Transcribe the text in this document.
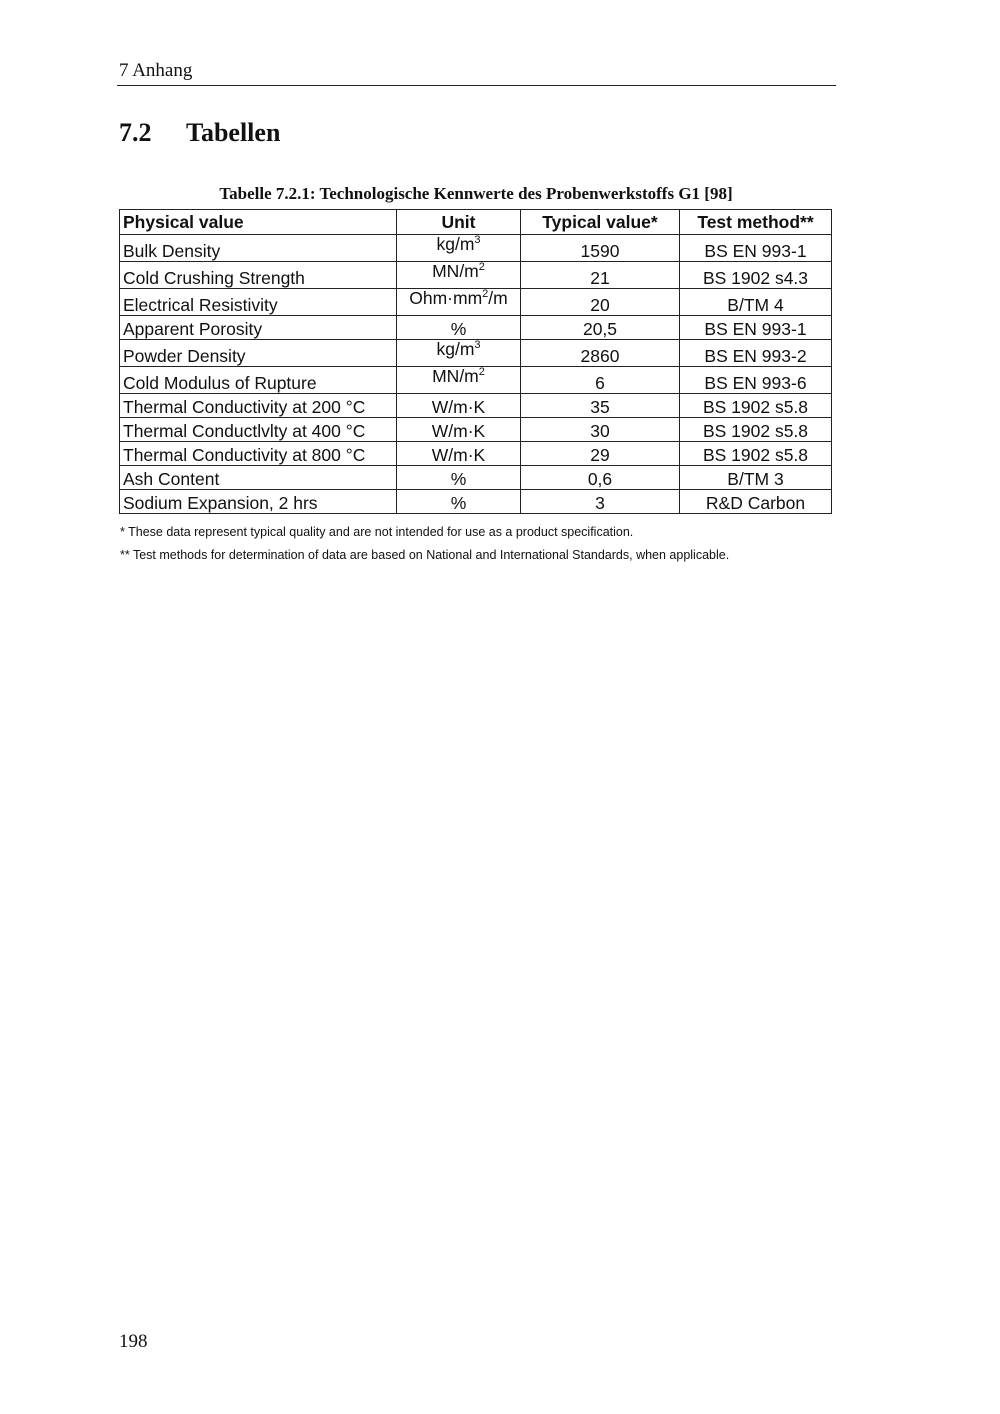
7 Anhang
7.2 Tabellen
Tabelle 7.2.1: Technologische Kennwerte des Probenwerkstoffs G1 [98]
Physical value	Unit	Typical value*	Test method**
Bulk Density	$kg/m^3$	1590	BS EN 993-1
Cold Crushing Strength	$MN/m^2$	21	BS 1902 s4.3
Electrical Resistivity	$Ohm\cdot mm^2/m$	20	B/TM 4
Apparent Porosity	%	20,5	BS EN 993-1
Powder Density	$kg/m^3$	2860	BS EN 993-2
Cold Modulus of Rupture	$MN/m^2$	6	BS EN 993-6
Thermal Conductivity at 200 °C	W/m·K	35	BS 1902 s5.8
Thermal Conductlvlty at 400 °C	W/m·K	30	BS 1902 s5.8
Thermal Conductivity at 800 °C	W/m·K	29	BS 1902 s5.8
Ash Content	%	0,6	B/TM 3
Sodium Expansion, 2 hrs	%	3	R&D Carbon
* These data represent typical quality and are not intended for use as a product specification.
** Test methods for determination of data are based on National and International Standards, when applicable.
198
